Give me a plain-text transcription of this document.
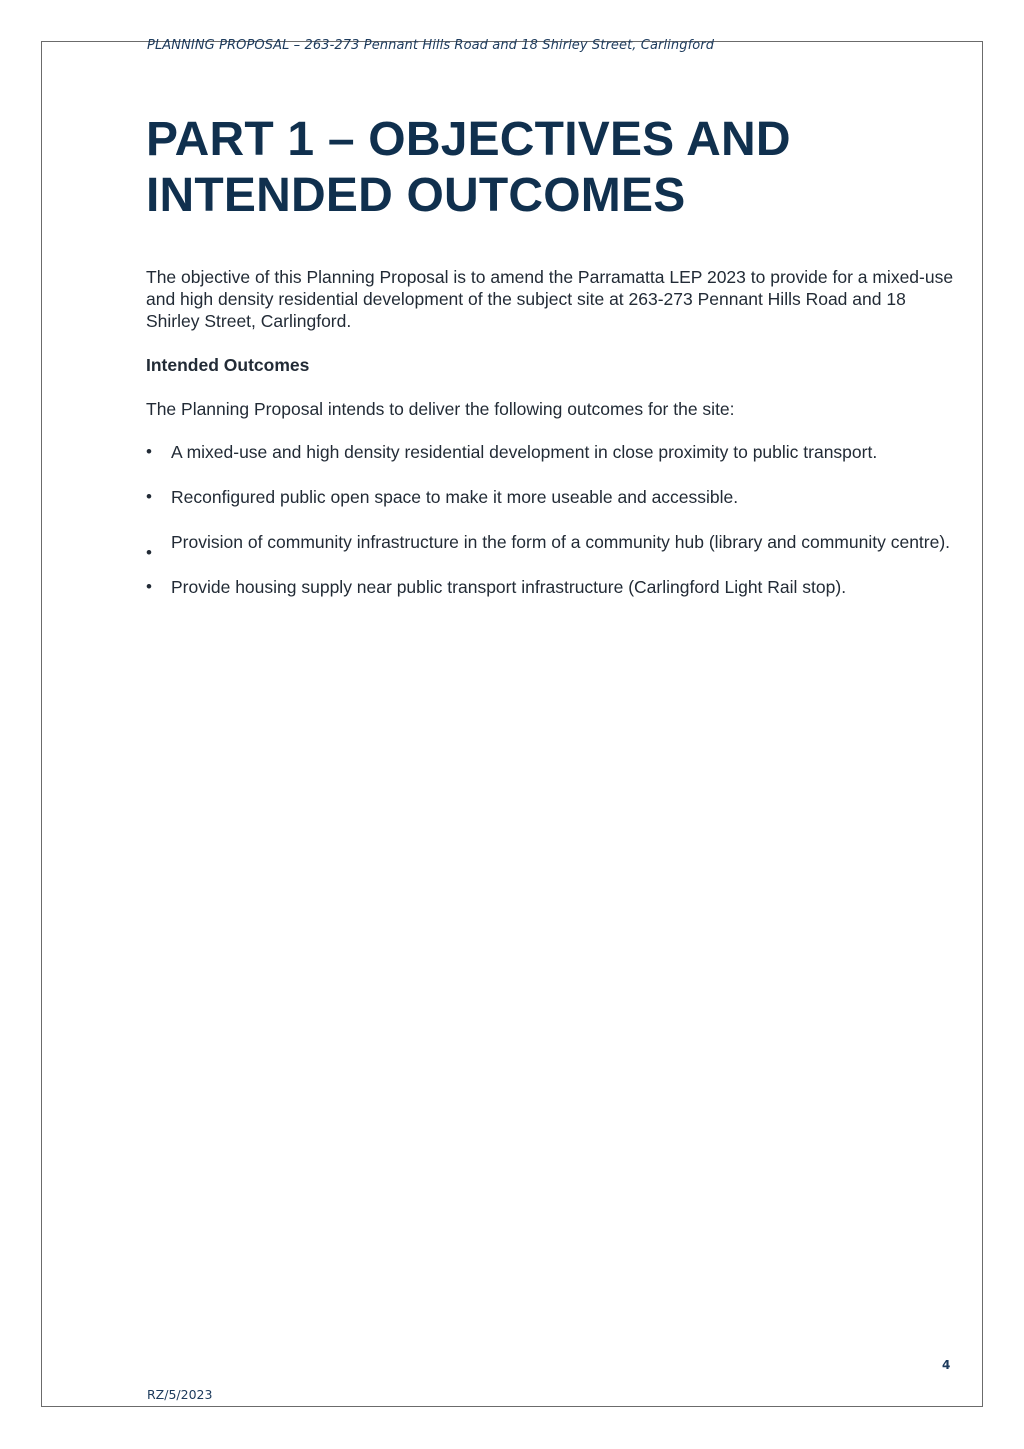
PLANNING PROPOSAL – 263-273 Pennant Hills Road and 18 Shirley Street, Carlingford
PART 1 – OBJECTIVES AND INTENDED OUTCOMES

The objective of this Planning Proposal is to amend the Parramatta LEP 2023 to provide for a mixed-use and high density residential development of the subject site at 263-273 Pennant Hills Road and 18 Shirley Street, Carlingford.

Intended Outcomes

The Planning Proposal intends to deliver the following outcomes for the site:

• A mixed-use and high density residential development in close proximity to public transport.
• Reconfigured public open space to make it more useable and accessible.
•
Provision of community infrastructure in the form of a community hub (library and community centre).
• Provide housing supply near public transport infrastructure (Carlingford Light Rail stop).
4
RZ/5/2023
